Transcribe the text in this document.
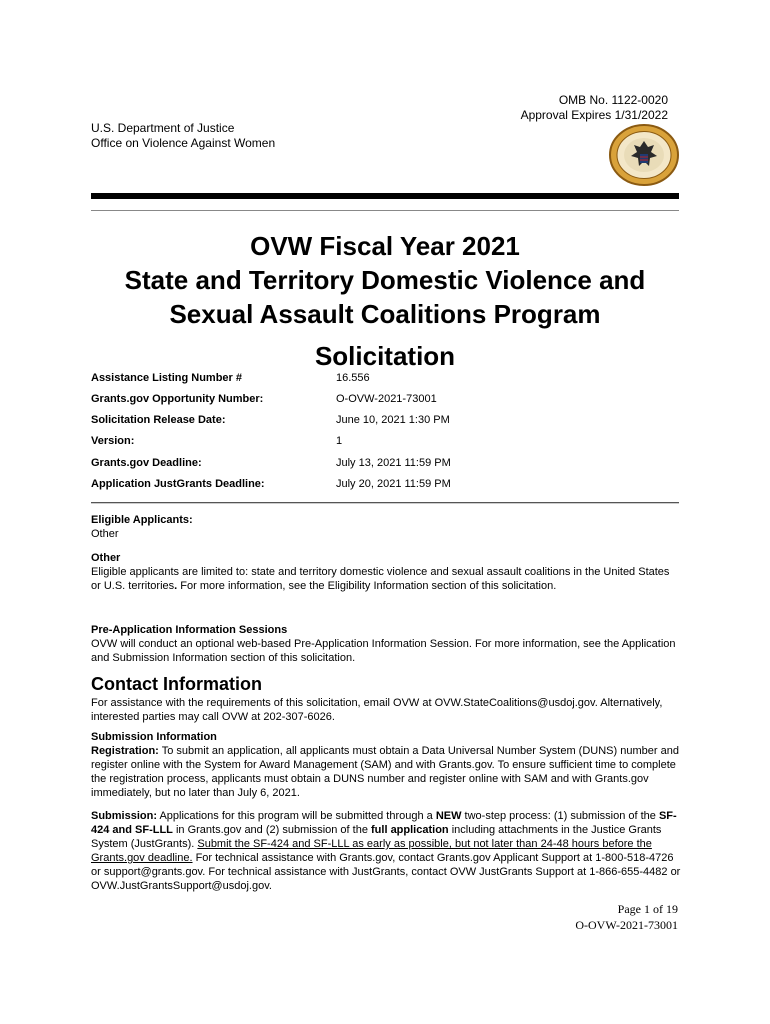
OMB No. 1122-0020
Approval Expires 1/31/2022
U.S. Department of Justice
Office on Violence Against Women
OVW Fiscal Year 2021
State and Territory Domestic Violence and
Sexual Assault Coalitions Program
Solicitation
Assistance Listing Number #	16.556
Grants.gov Opportunity Number:	O-OVW-2021-73001
Solicitation Release Date:	June 10, 2021 1:30 PM
Version:	1
Grants.gov Deadline:	July 13, 2021 11:59 PM
Application JustGrants Deadline:	July 20, 2021 11:59 PM
Eligible Applicants:
Other
Other
Eligible applicants are limited to: state and territory domestic violence and sexual assault coalitions in the United States or U.S. territories. For more information, see the Eligibility Information section of this solicitation.
Pre-Application Information Sessions
OVW will conduct an optional web-based Pre-Application Information Session. For more information, see the Application and Submission Information section of this solicitation.
Contact Information
For assistance with the requirements of this solicitation, email OVW at OVW.StateCoalitions@usdoj.gov. Alternatively, interested parties may call OVW at 202-307-6026.
Submission Information
Registration: To submit an application, all applicants must obtain a Data Universal Number System (DUNS) number and register online with the System for Award Management (SAM) and with Grants.gov. To ensure sufficient time to complete the registration process, applicants must obtain a DUNS number and register online with SAM and with Grants.gov immediately, but no later than July 6, 2021.
Submission: Applications for this program will be submitted through a NEW two-step process: (1) submission of the SF-424 and SF-LLL in Grants.gov and (2) submission of the full application including attachments in the Justice Grants System (JustGrants). Submit the SF-424 and SF-LLL as early as possible, but not later than 24-48 hours before the Grants.gov deadline. For technical assistance with Grants.gov, contact Grants.gov Applicant Support at 1-800-518-4726 or support@grants.gov. For technical assistance with JustGrants, contact OVW JustGrants Support at 1-866-655-4482 or OVW.JustGrantsSupport@usdoj.gov.
Page 1 of 19
O-OVW-2021-73001
